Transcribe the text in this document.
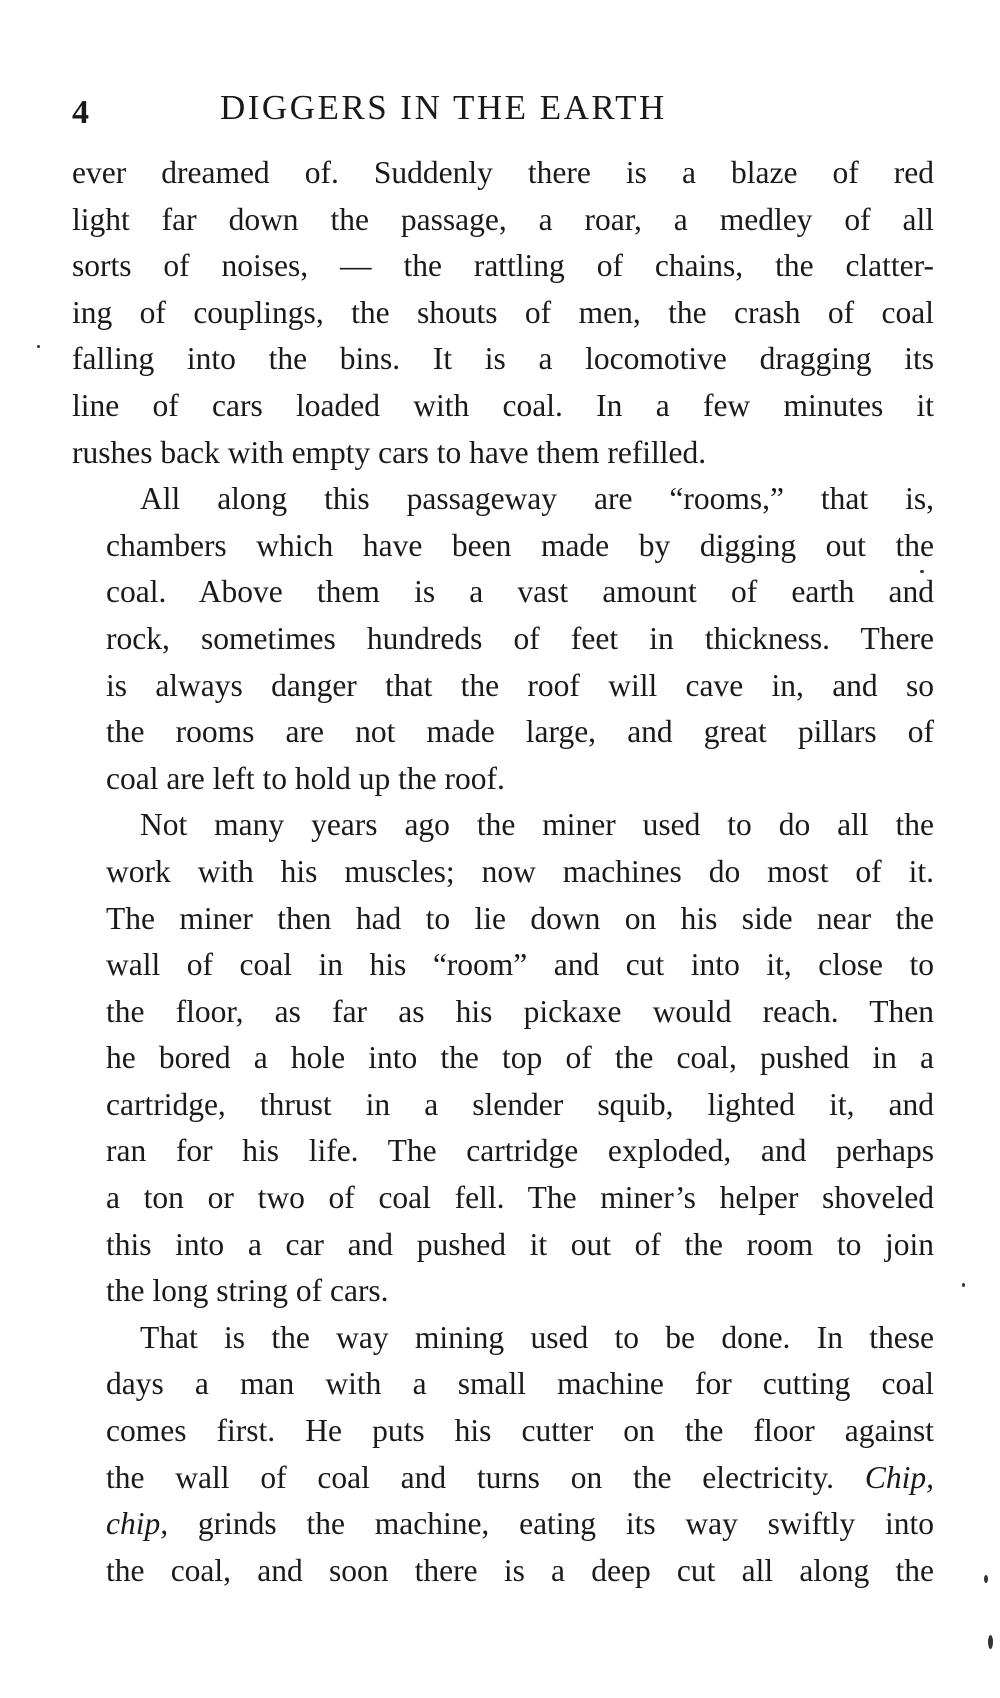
4	DIGGERS IN THE EARTH

ever dreamed of. Suddenly there is a blaze of red
light far down the passage, a roar, a medley of all
sorts of noises, — the rattling of chains, the clatter-
ing of couplings, the shouts of men, the crash of coal
falling into the bins. It is a locomotive dragging its
line of cars loaded with coal. In a few minutes it
rushes back with empty cars to have them refilled.

All along this passageway are “rooms,” that is,
chambers which have been made by digging out the
coal. Above them is a vast amount of earth and
rock, sometimes hundreds of feet in thickness. There
is always danger that the roof will cave in, and so
the rooms are not made large, and great pillars of
coal are left to hold up the roof.

Not many years ago the miner used to do all the
work with his muscles; now machines do most of it.
The miner then had to lie down on his side near the
wall of coal in his “room” and cut into it, close to
the floor, as far as his pickaxe would reach. Then
he bored a hole into the top of the coal, pushed in a
cartridge, thrust in a slender squib, lighted it, and
ran for his life. The cartridge exploded, and perhaps
a ton or two of coal fell. The miner’s helper shoveled
this into a car and pushed it out of the room to join
the long string of cars.

That is the way mining used to be done. In these
days a man with a small machine for cutting coal
comes first. He puts his cutter on the floor against
the wall of coal and turns on the electricity. Chip,
chip, grinds the machine, eating its way swiftly into
the coal, and soon there is a deep cut all along the
